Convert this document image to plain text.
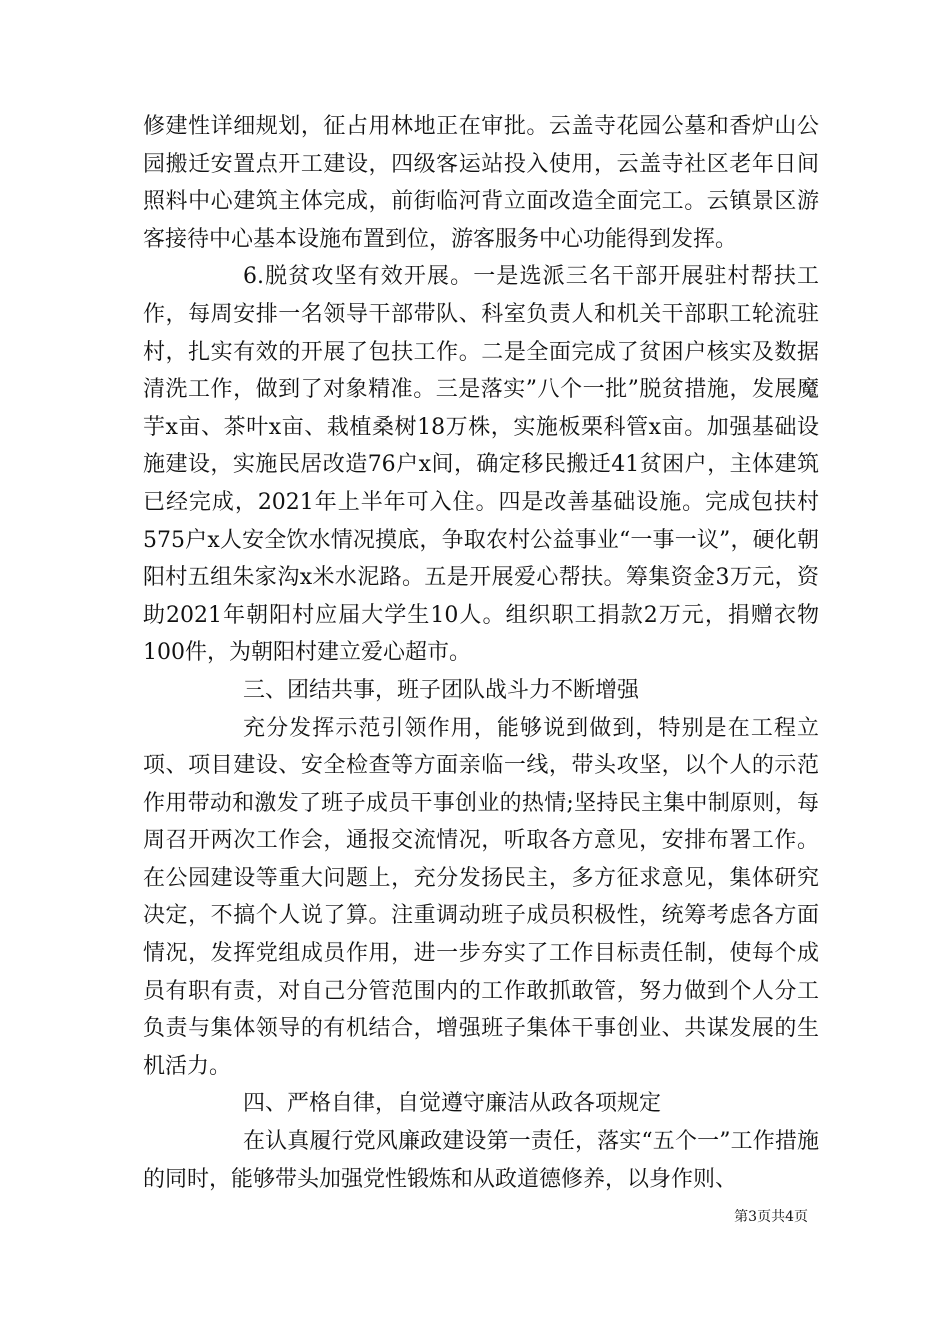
修建性详细规划，征占用林地正在审批。云盖寺花园公墓和香炉山公园搬迁安置点开工建设，四级客运站投入使用，云盖寺社区老年日间照料中心建筑主体完成，前街临河背立面改造全面完工。云镇景区游客接待中心基本设施布置到位，游客服务中心功能得到发挥。

6.脱贫攻坚有效开展。一是选派三名干部开展驻村帮扶工作，每周安排一名领导干部带队、科室负责人和机关干部职工轮流驻村，扎实有效的开展了包扶工作。二是全面完成了贫困户核实及数据清洗工作，做到了对象精准。三是落实”八个一批”脱贫措施，发展魔芋x亩、茶叶x亩、栽植桑树18万株，实施板栗科管x亩。加强基础设施建设，实施民居改造76户x间，确定移民搬迁41贫困户，主体建筑已经完成，2021年上半年可入住。四是改善基础设施。完成包扶村575户x人安全饮水情况摸底，争取农村公益事业“一事一议”，硬化朝阳村五组朱家沟x米水泥路。五是开展爱心帮扶。筹集资金3万元，资助2021年朝阳村应届大学生10人。组织职工捐款2万元，捐赠衣物100件，为朝阳村建立爱心超市。

三、团结共事，班子团队战斗力不断增强

充分发挥示范引领作用，能够说到做到，特别是在工程立项、项目建设、安全检查等方面亲临一线，带头攻坚，以个人的示范作用带动和激发了班子成员干事创业的热情;坚持民主集中制原则，每周召开两次工作会，通报交流情况，听取各方意见，安排布署工作。在公园建设等重大问题上，充分发扬民主，多方征求意见，集体研究决定，不搞个人说了算。注重调动班子成员积极性，统筹考虑各方面情况，发挥党组成员作用，进一步夯实了工作目标责任制，使每个成员有职有责，对自己分管范围内的工作敢抓敢管，努力做到个人分工负责与集体领导的有机结合，增强班子集体干事创业、共谋发展的生机活力。

四、严格自律，自觉遵守廉洁从政各项规定

在认真履行党风廉政建设第一责任，落实“五个一”工作措施的同时，能够带头加强党性锻炼和从政道德修养，以身作则、

第3页共4页
